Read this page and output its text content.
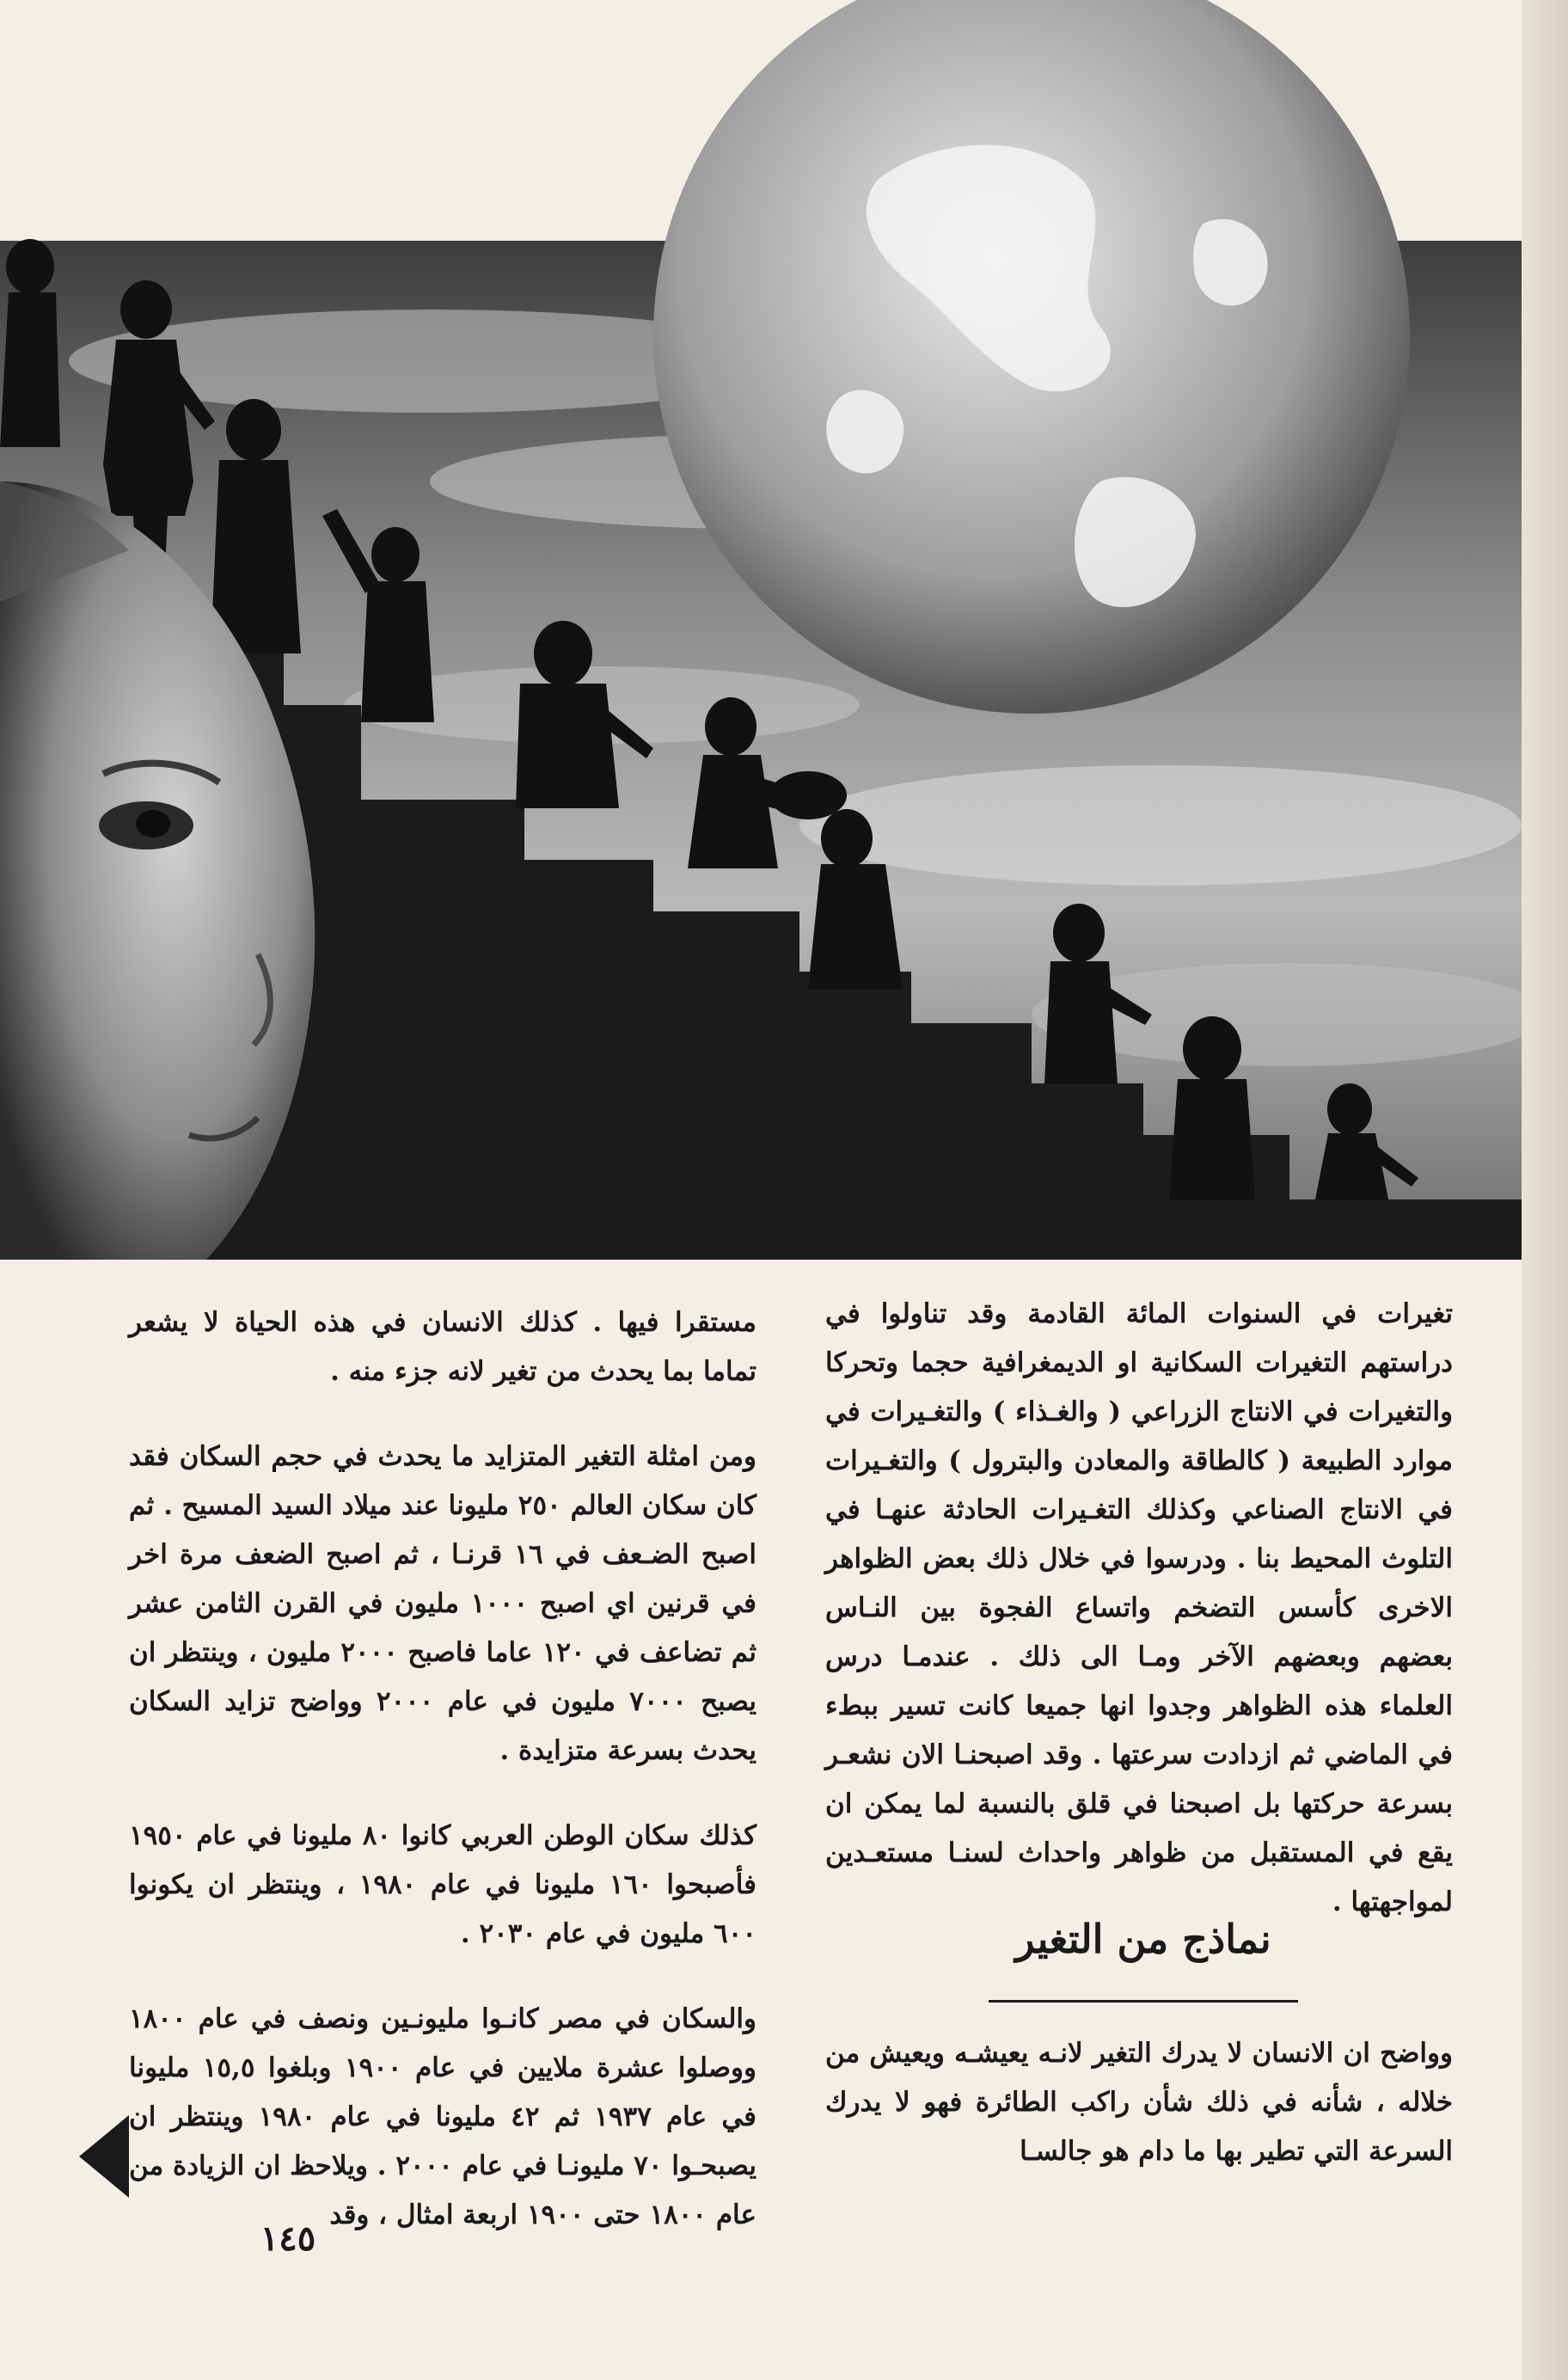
تغيرات في السنوات المائة القادمة وقد تناولوا في دراستهم التغيرات السكانية او الديمغرافية حجما وتحركا والتغيرات في الانتاج الزراعي ( والغـذاء ) والتغـيرات في موارد الطبيعة ( كالطاقة والمعادن والبترول ) والتغـيرات في الانتاج الصناعي وكذلك التغـيرات الحادثة عنهـا في التلوث المحيط بنا . ودرسوا في خلال ذلك بعض الظواهر الاخرى كأسس التضخم واتساع الفجوة بين النـاس بعضهم وبعضهم الآخر ومـا الى ذلك . عندمـا درس العلماء هذه الظواهر وجدوا انها جميعا كانت تسير ببطء في الماضي ثم ازدادت سرعتها . وقد اصبحنـا الان نشعـر بسرعة حركتها بل اصبحنا في قلق بالنسبة لما يمكن ان يقع في المستقبل من ظواهر واحداث لسنـا مستعـدين لمواجهتها .

نماذج من التغير

وواضح ان الانسان لا يدرك التغير لانـه يعيشـه ويعيش من خلاله ، شأنه في ذلك شأن راكب الطائرة فهو لا يدرك السرعة التي تطير بها ما دام هو جالسـا

مستقرا فيها . كذلك الانسان في هذه الحياة لا يشعر تماما بما يحدث من تغير لانه جزء منه .

ومن امثلة التغير المتزايد ما يحدث في حجم السكان فقد كان سكان العالم ٢٥٠ مليونا عند ميلاد السيد المسيح . ثم اصبح الضـعف في ١٦ قرنـا ، ثم اصبح الضعف مرة اخر في قرنين اي اصبح ١٠٠٠ مليون في القرن الثامن عشر ثم تضاعف في ١٢٠ عاما فاصبح ٢٠٠٠ مليون ، وينتظر ان يصبح ٧٠٠٠ مليون في عام ٢٠٠٠ وواضح تزايد السكان يحدث بسرعة متزايدة .

كذلك سكان الوطن العربي كانوا ٨٠ مليونا في عام ١٩٥٠ فأصبحوا ١٦٠ مليونا في عام ١٩٨٠ ، وينتظر ان يكونوا ٦٠٠ مليون في عام ٢٠٣٠ .

والسكان في مصر كانـوا مليونـين ونصف في عام ١٨٠٠ ووصلوا عشرة ملايين في عام ١٩٠٠ وبلغوا ١٥,٥ مليونا في عام ١٩٣٧ ثم ٤٢ مليونا في عام ١٩٨٠ وينتظر ان يصبحـوا ٧٠ مليونـا في عام ٢٠٠٠ . ويلاحظ ان الزيادة من عام ١٨٠٠ حتى ١٩٠٠ اربعة امثال ، وقد

١٤٥
